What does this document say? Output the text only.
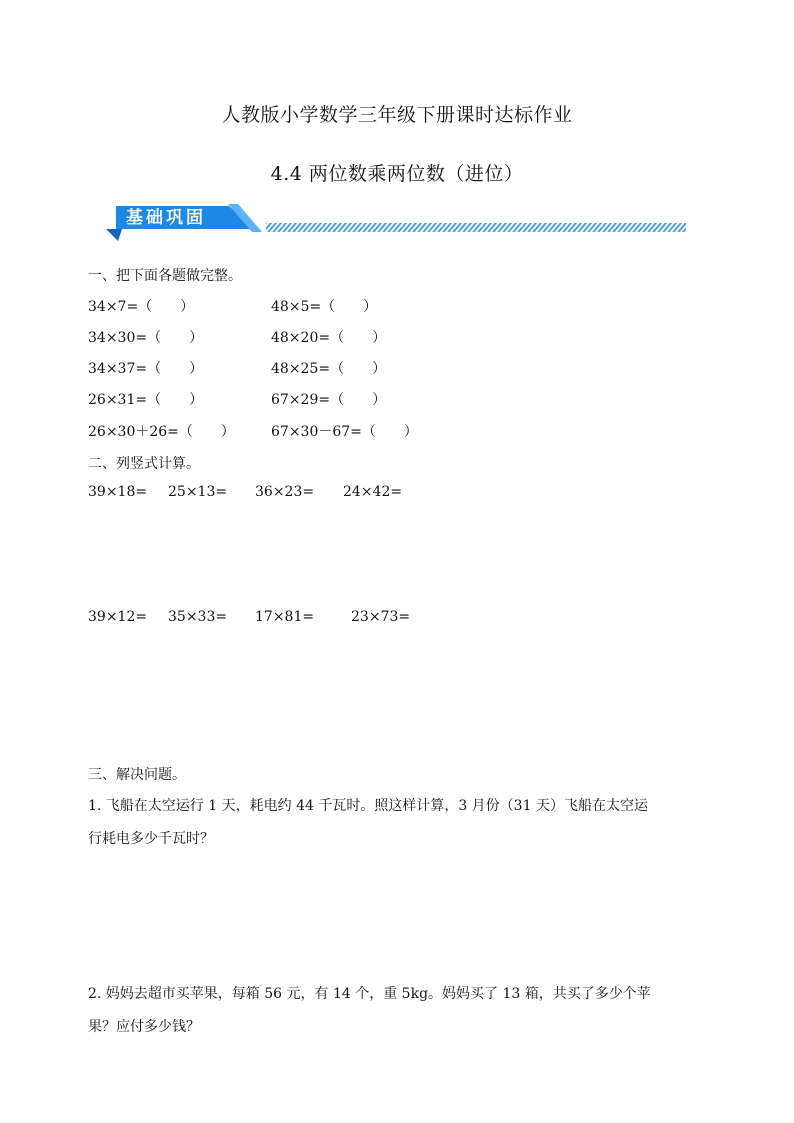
人教版小学数学三年级下册课时达标作业
4.4 两位数乘两位数（进位）
基础巩固
一、把下面各题做完整。
34×7=（　　）	48×5=（　　）
34×30=（　　）	48×20=（　　）
34×37=（　　）	48×25=（　　）
26×31=（　　）	67×29=（　　）
26×30＋26=（　　）	67×30－67=（　　）
二、列竖式计算。
39×18= 25×13= 36×23= 24×42=
39×12= 35×33= 17×81=	23×73=
三、解决问题。
1. 飞船在太空运行 1 天，耗电约 44 千瓦时。照这样计算，3 月份（31 天）飞船在太空运
行耗电多少千瓦时？
2. 妈妈去超市买苹果，每箱 56 元，有 14 个，重 5kg。妈妈买了 13 箱，共买了多少个苹
果？应付多少钱？
